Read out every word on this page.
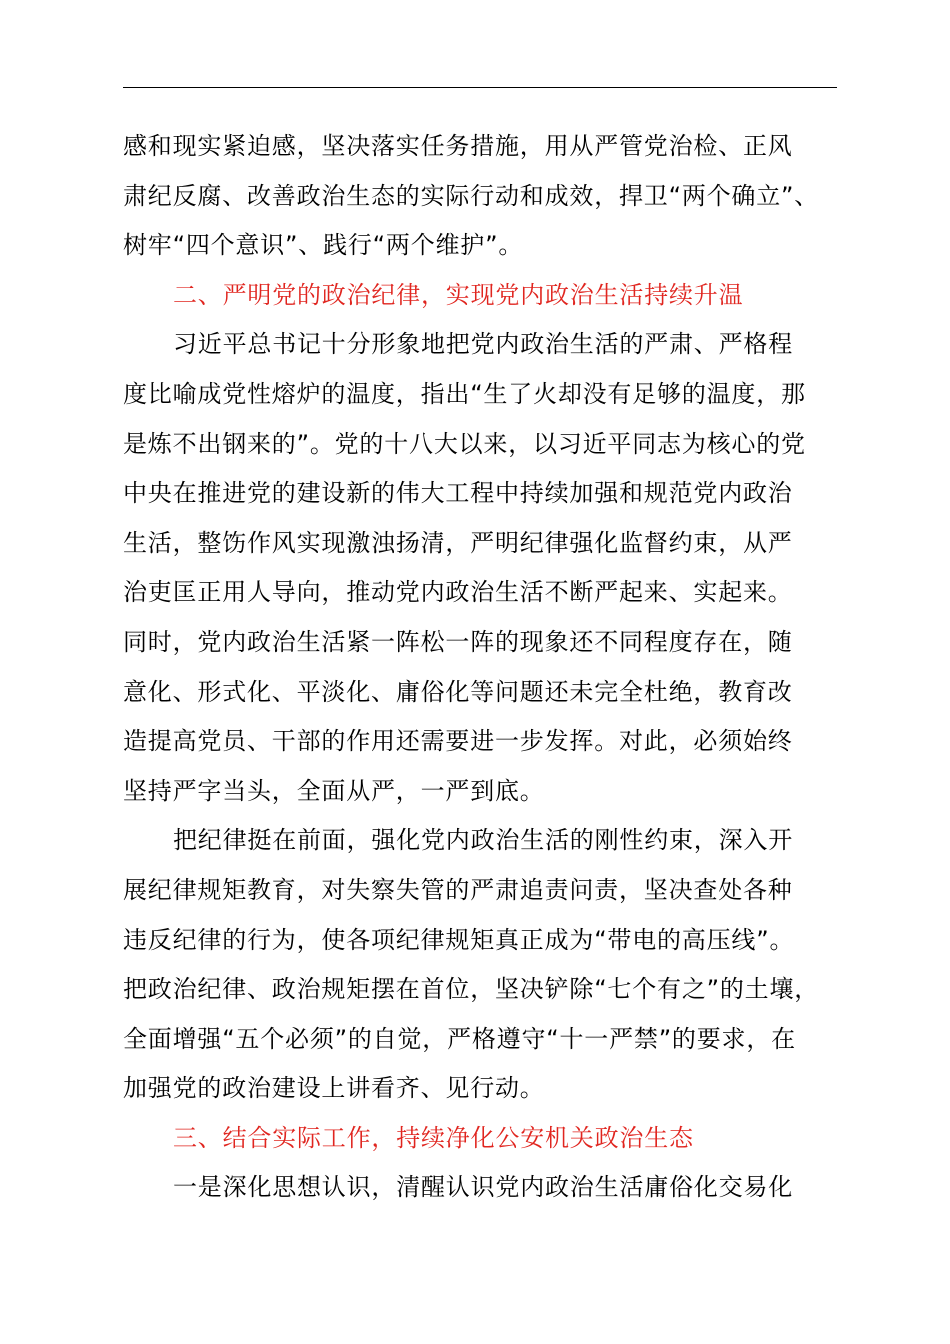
感和现实紧迫感，坚决落实任务措施，用从严管党治检、正风
肃纪反腐、改善政治生态的实际行动和成效，捍卫“两个确立”、
树牢“四个意识”、践行“两个维护”。
二、严明党的政治纪律，实现党内政治生活持续升温
习近平总书记十分形象地把党内政治生活的严肃、严格程
度比喻成党性熔炉的温度，指出“生了火却没有足够的温度，那
是炼不出钢来的”。党的十八大以来，以习近平同志为核心的党
中央在推进党的建设新的伟大工程中持续加强和规范党内政治
生活，整饬作风实现激浊扬清，严明纪律强化监督约束，从严
治吏匡正用人导向，推动党内政治生活不断严起来、实起来。
同时，党内政治生活紧一阵松一阵的现象还不同程度存在，随
意化、形式化、平淡化、庸俗化等问题还未完全杜绝，教育改
造提高党员、干部的作用还需要进一步发挥。对此，必须始终
坚持严字当头，全面从严，一严到底。
把纪律挺在前面，强化党内政治生活的刚性约束，深入开
展纪律规矩教育，对失察失管的严肃追责问责，坚决查处各种
违反纪律的行为，使各项纪律规矩真正成为“带电的高压线”。
把政治纪律、政治规矩摆在首位，坚决铲除“七个有之”的土壤，
全面增强“五个必须”的自觉，严格遵守“十一严禁”的要求，在
加强党的政治建设上讲看齐、见行动。
三、结合实际工作，持续净化公安机关政治生态
一是深化思想认识，清醒认识党内政治生活庸俗化交易化
